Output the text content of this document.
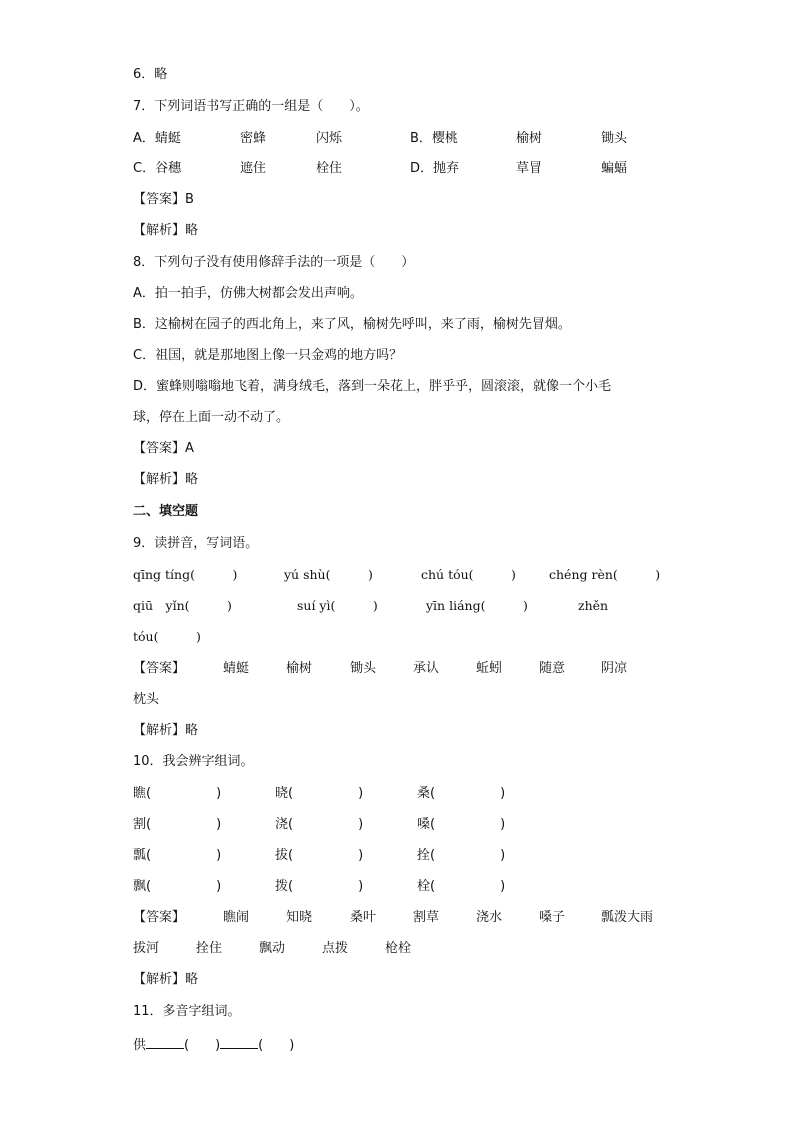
6．略
7．下列词语书写正确的一组是（　　）。
A．蜻蜓	密蜂	闪烁	B．樱桃	榆树	锄头
C．谷穗	遮住	栓住	D．抛弃	草冒	蝙蝠
【答案】B
【解析】略
8．下列句子没有使用修辞手法的一项是（　　）
A．拍一拍手，仿佛大树都会发出声响。
B．这榆树在园子的西北角上，来了风，榆树先呼叫，来了雨，榆树先冒烟。
C．祖国，就是那地图上像一只金鸡的地方吗？
D．蜜蜂则嗡嗡地飞着，满身绒毛，落到一朵花上，胖乎乎，圆滚滚，就像一个小毛
球，停在上面一动不动了。
【答案】A
【解析】略
二、填空题
9．读拼音，写词语。
qīng tíng(　　　)	yú shù(　　　)	chú tóu(　　　)	chéng rèn(　　　)
qiū　yǐn(　　　)	suí yì(　　　)	yīn liáng(　　　)	zhěn
tóu(　　　)
【答案】	蜻蜓	榆树	锄头	承认	蚯蚓	随意	阴凉
枕头
【解析】略
10．我会辨字组词。
瞧(　　　　　)	晓(　　　　　)	桑(　　　　　)
割(　　　　　)	浇(　　　　　)	嗓(　　　　　)
瓢(　　　　　)	拔(　　　　　)	拴(　　　　　)
飘(　　　　　)	拨(　　　　　)	栓(　　　　　)
【答案】	瞧闹	知晓	桑叶	割草	浇水	嗓子	瓢泼大雨
拔河	拴住	飘动	点拨	枪栓
【解析】略
11．多音字组词。
供	(　　)	(　　)
